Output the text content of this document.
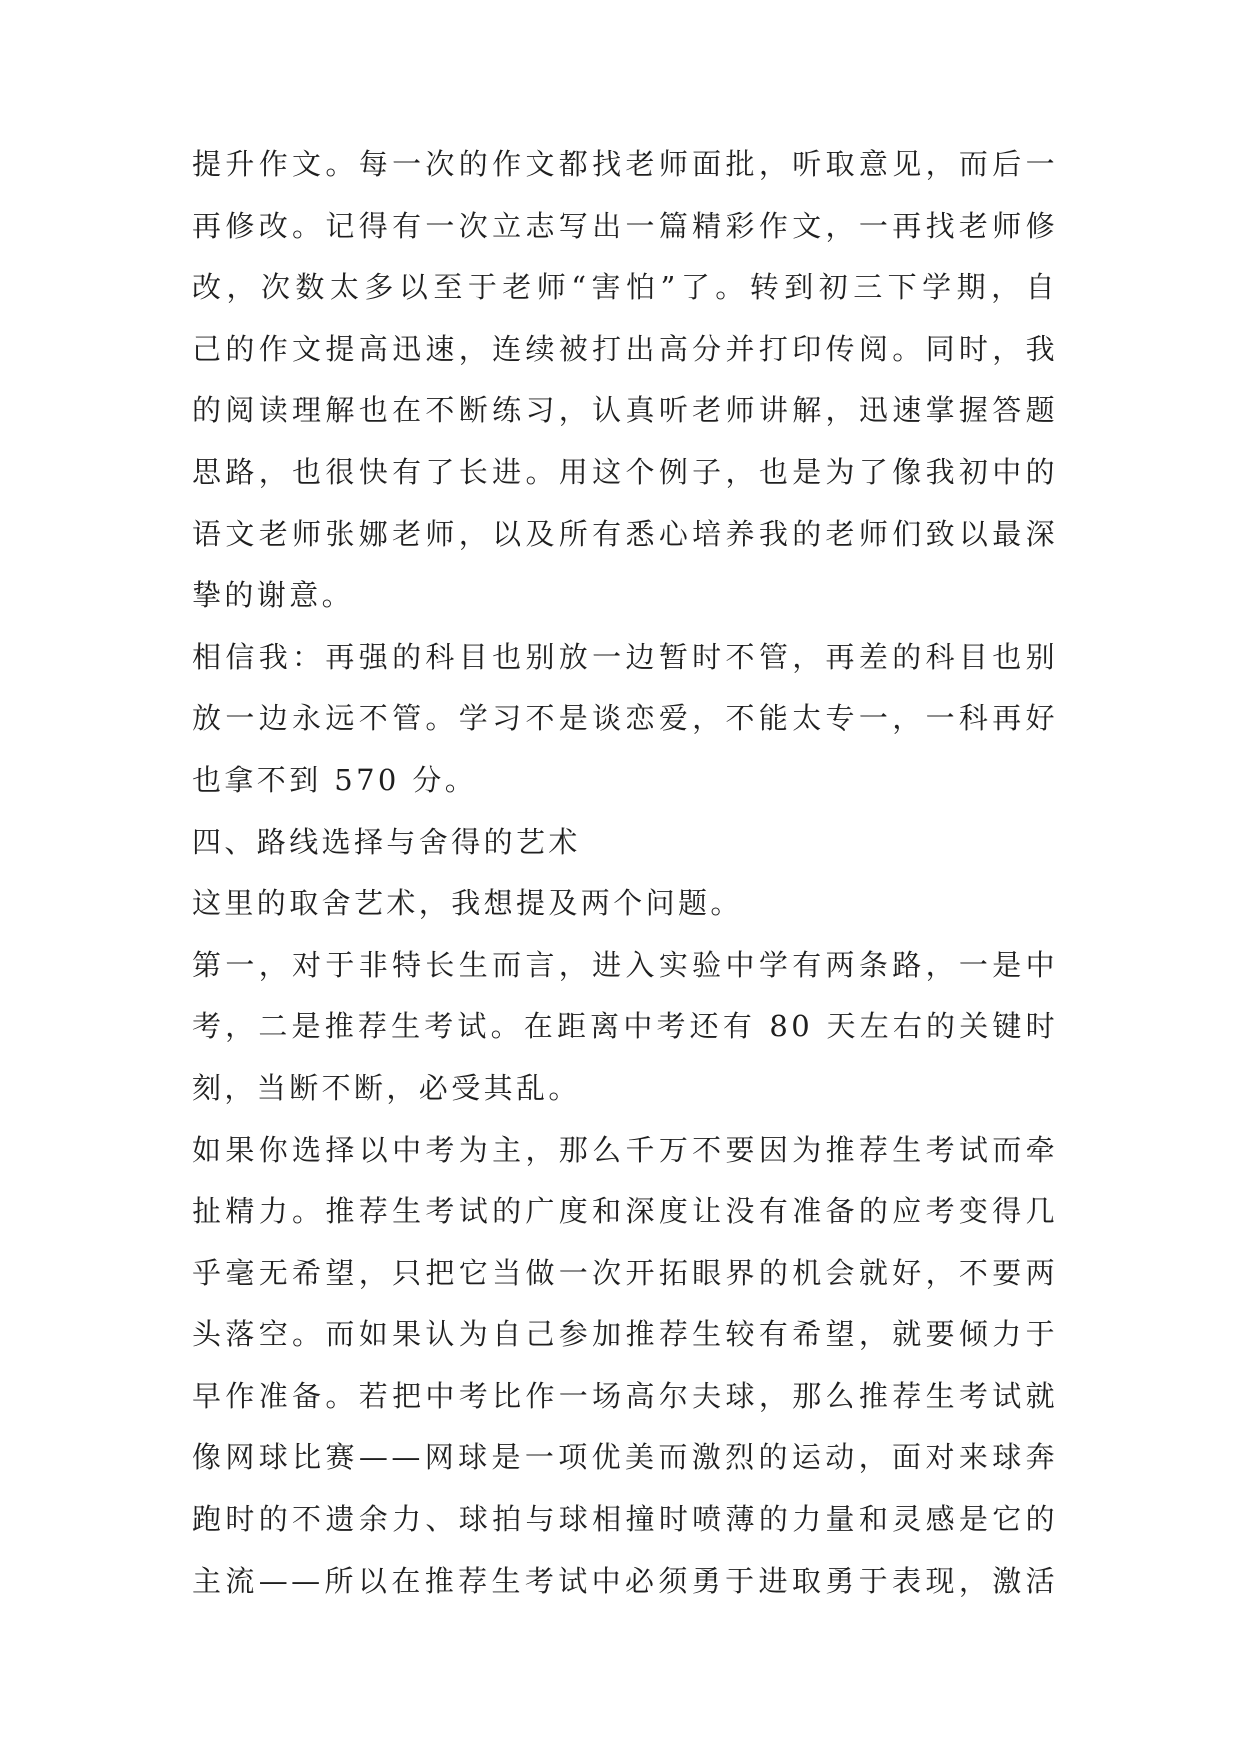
提升作文。每一次的作文都找老师面批，听取意见，而后一
再修改。记得有一次立志写出一篇精彩作文，一再找老师修
改，次数太多以至于老师“害怕”了。转到初三下学期，自
己的作文提高迅速，连续被打出高分并打印传阅。同时，我
的阅读理解也在不断练习，认真听老师讲解，迅速掌握答题
思路，也很快有了长进。用这个例子，也是为了像我初中的
语文老师张娜老师，以及所有悉心培养我的老师们致以最深
挚的谢意。
相信我：再强的科目也别放一边暂时不管，再差的科目也别
放一边永远不管。学习不是谈恋爱，不能太专一，一科再好
也拿不到 570 分。
四、路线选择与舍得的艺术
这里的取舍艺术，我想提及两个问题。
第一，对于非特长生而言，进入实验中学有两条路，一是中
考，二是推荐生考试。在距离中考还有 80 天左右的关键时
刻，当断不断，必受其乱。
如果你选择以中考为主，那么千万不要因为推荐生考试而牵
扯精力。推荐生考试的广度和深度让没有准备的应考变得几
乎毫无希望，只把它当做一次开拓眼界的机会就好，不要两
头落空。而如果认为自己参加推荐生较有希望，就要倾力于
早作准备。若把中考比作一场高尔夫球，那么推荐生考试就
像网球比赛——网球是一项优美而激烈的运动，面对来球奔
跑时的不遗余力、球拍与球相撞时喷薄的力量和灵感是它的
主流——所以在推荐生考试中必须勇于进取勇于表现，激活
